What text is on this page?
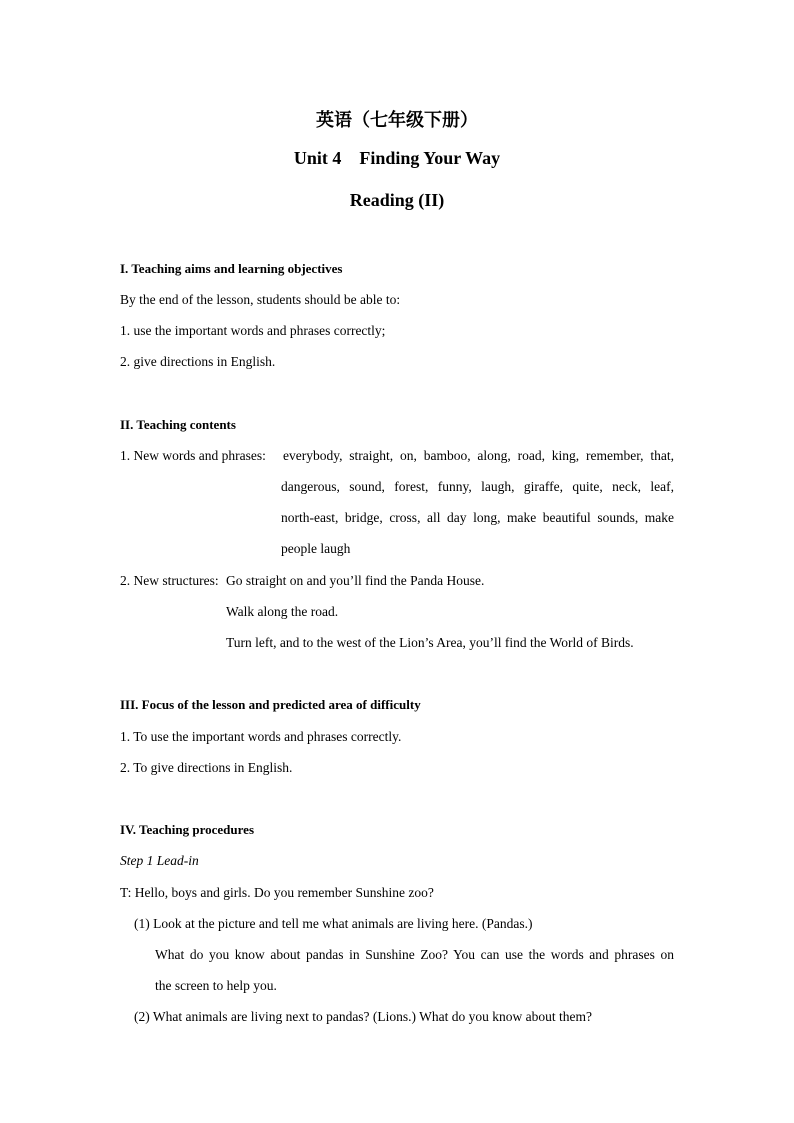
英语（七年级下册）
Unit 4    Finding Your Way
Reading (II)
I. Teaching aims and learning objectives
By the end of the lesson, students should be able to:
1. use the important words and phrases correctly;
2. give directions in English.
II. Teaching contents
1. New words and phrases: everybody, straight, on, bamboo, along, road, king, remember, that,
dangerous, sound, forest, funny, laugh, giraffe, quite, neck, leaf,
north-east, bridge, cross, all day long, make beautiful sounds, make
people laugh
2. New structures: Go straight on and you’ll find the Panda House.
Walk along the road.
Turn left, and to the west of the Lion’s Area, you’ll find the World of Birds.
III. Focus of the lesson and predicted area of difficulty
1. To use the important words and phrases correctly.
2. To give directions in English.
IV. Teaching procedures
Step 1 Lead-in
T: Hello, boys and girls. Do you remember Sunshine zoo?
(1) Look at the picture and tell me what animals are living here. (Pandas.)
What do you know about pandas in Sunshine Zoo? You can use the words and phrases on
the screen to help you.
(2) What animals are living next to pandas? (Lions.) What do you know about them?
